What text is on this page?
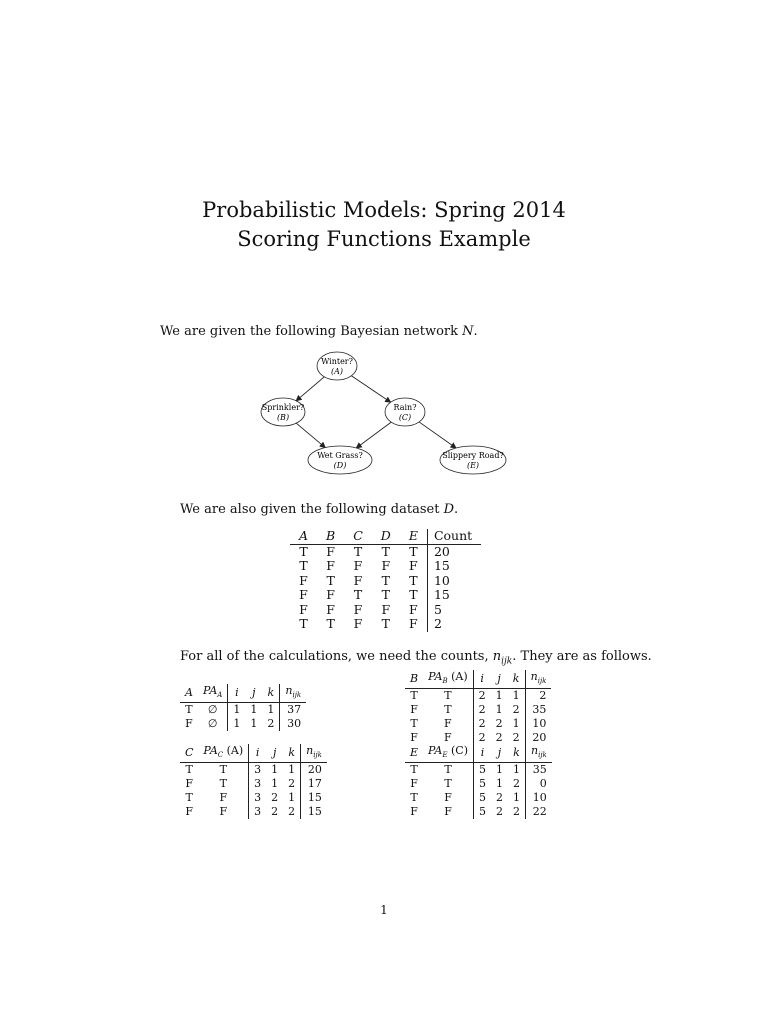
Probabilistic Models: Spring 2014
Scoring Functions Example
We are given the following Bayesian network N.
Winter?
(A)
Sprinkler?
(B)
Rain?
(C)
Wet Grass?
(D)
Slippery Road?
(E)
We are also given the following dataset D.
A	B	C	D	E	Count
T	F	T	T	T	20
T	F	F	F	F	15
F	T	F	T	T	10
F	F	T	T	T	15
F	F	F	F	F	5
T	T	F	T	F	2
For all of the calculations, we need the counts, $n_{ijk}$. They are as follows.
A	$PA_A$	i	j	k	$n_{ijk}$
T	∅	1	1	1	37
F	∅	1	1	2	30
B	$PA_B$ (A)	i	j	k	$n_{ijk}$
T	T	2	1	1	2
F	T	2	1	2	35
T	F	2	2	1	10
F	F	2	2	2	20
C	$PA_C$ (A)	i	j	k	$n_{ijk}$
T	T	3	1	1	20
F	T	3	1	2	17
T	F	3	2	1	15
F	F	3	2	2	15
E	$PA_E$ (C)	i	j	k	$n_{ijk}$
T	T	5	1	1	35
F	T	5	1	2	0
T	F	5	2	1	10
F	F	5	2	2	22
1
